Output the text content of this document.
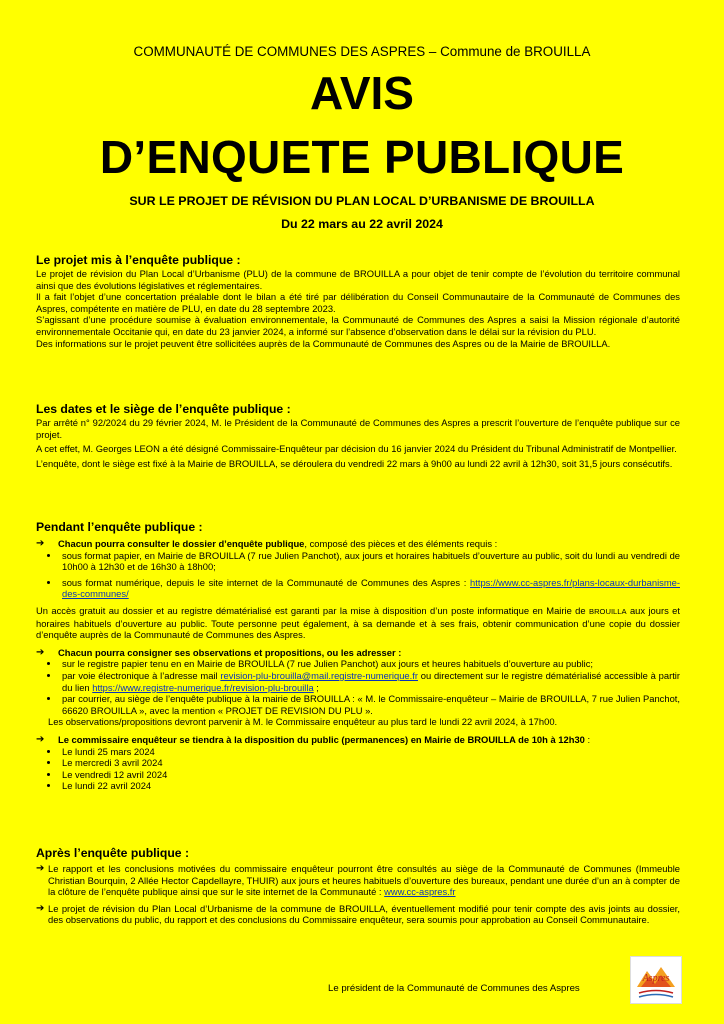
COMMUNAUTÉ DE COMMUNES DES ASPRES – Commune de BROUILLA
AVIS
D’ENQUETE PUBLIQUE
SUR LE PROJET DE RÉVISION DU PLAN LOCAL D’URBANISME DE BROUILLA
Du 22 mars au 22 avril 2024
Le projet mis à l’enquête publique :

Le projet de révision du Plan Local d’Urbanisme (PLU) de la commune de BROUILLA a pour objet de tenir compte de l’évolution du territoire communal ainsi que des évolutions législatives et réglementaires.

Il a fait l’objet d’une concertation préalable dont le bilan a été tiré par délibération du Conseil Communautaire de la Communauté de Communes des Aspres, compétente en matière de PLU, en date du 28 septembre 2023.

S’agissant d’une procédure soumise à évaluation environnementale, la Communauté de Communes des Aspres a saisi la Mission régionale d’autorité environnementale Occitanie qui, en date du 23 janvier 2024, a informé sur l’absence d’observation dans le délai sur la révision du PLU.

Des informations sur le projet peuvent être sollicitées auprès de la Communauté de Communes des Aspres ou de la Mairie de BROUILLA.

Les dates et le siège de l’enquête publique :

Par arrêté n° 92/2024 du 29 février 2024, M. le Président de la Communauté de Communes des Aspres a prescrit l’ouverture de l’enquête publique sur ce projet.

A cet effet, M. Georges LEON a été désigné Commissaire-Enquêteur par décision du 16 janvier 2024 du Président du Tribunal Administratif de Montpellier.

L’enquête, dont le siège est fixé à la Mairie de BROUILLA, se déroulera du vendredi 22 mars à 9h00 au lundi 22 avril à 12h30, soit 31,5 jours consécutifs.

Pendant l’enquête publique :
➔	Chacun pourra consulter le dossier d’enquête publique, composé des pièces et des éléments requis :
• sous format papier, en Mairie de BROUILLA (7 rue Julien Panchot), aux jours et horaires habituels d’ouverture au public, soit du lundi au vendredi de 10h00 à 12h30 et de 16h30 à 18h00;
• sous format numérique, depuis le site internet de la Communauté de Communes des Aspres : https://www.cc-aspres.fr/plans-locaux-durbanisme-des-communes/

Un accès gratuit au dossier et au registre dématérialisé est garanti par la mise à disposition d’un poste informatique en Mairie de BROUILLA aux jours et horaires habituels d’ouverture au public. Toute personne peut également, à sa demande et à ses frais, obtenir communication d’une copie du dossier d’enquête auprès de la Communauté de Communes des Aspres.

➔	Chacun pourra consigner ses observations et propositions, ou les adresser :
• sur le registre papier tenu en en Mairie de BROUILLA (7 rue Julien Panchot) aux jours et heures habituels d’ouverture au public;
• par voie électronique à l’adresse mail revision-plu-brouilla@mail.registre-numerique.fr ou directement sur le registre dématérialisé accessible à partir du lien https://www.registre-numerique.fr/revision-plu-brouilla ;
• par courrier, au siège de l’enquête publique à la mairie de BROUILLA : « M. le Commissaire-enquêteur – Mairie de BROUILLA, 7 rue Julien Panchot, 66620 BROUILLA », avec la mention « PROJET DE REVISION DU PLU ».

Les observations/propositions devront parvenir à M. le Commissaire enquêteur au plus tard le lundi 22 avril 2024, à 17h00.

➔	Le commissaire enquêteur se tiendra à la disposition du public (permanences) en Mairie de BROUILLA de 10h à 12h30 :
• Le lundi 25 mars 2024
• Le mercredi 3 avril 2024
• Le vendredi 12 avril 2024
• Le lundi 22 avril 2024
Après l’enquête publique :
➔ Le rapport et les conclusions motivées du commissaire enquêteur pourront être consultés au siège de la Communauté de Communes (Immeuble Christian Bourquin, 2 Allée Hector Capdellayre, THUIR) aux jours et heures habituels d’ouverture des bureaux, pendant une durée d’un an à compter de la clôture de l’enquête publique ainsi que sur le site internet de la Communauté : www.cc-aspres.fr

➔ Le projet de révision du Plan Local d’Urbanisme de la commune de BROUILLA, éventuellement modifié pour tenir compte des avis joints au dossier, des observations du public, du rapport et des conclusions du Commissaire enquêteur, sera soumis pour approbation au Conseil Communautaire.

Le président de la Communauté de Communes des Aspres
Aspres
